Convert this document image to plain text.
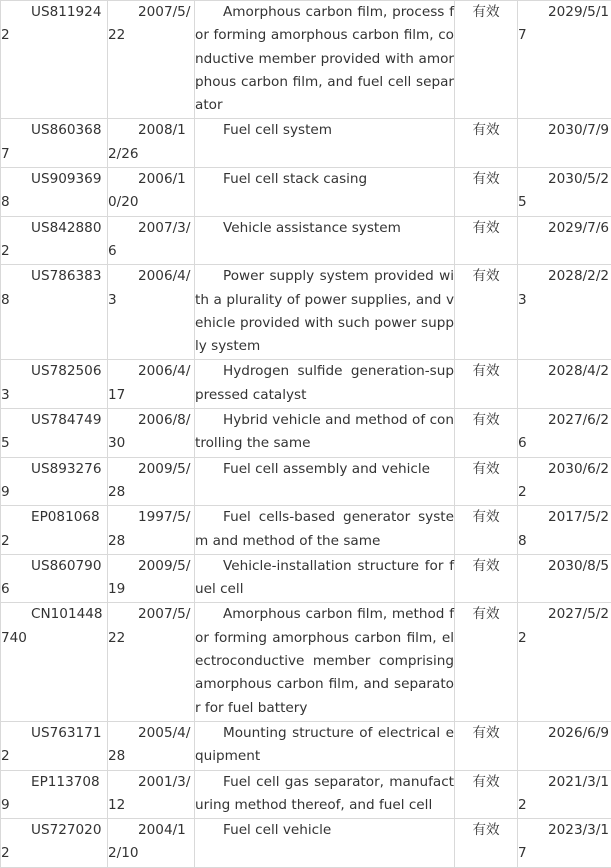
US8119242	2007/5/22	Amorphous carbon film, process for forming amorphous carbon film, conductive member provided with amorphous carbon film, and fuel cell separator	有效	2029/5/17
US8603687	2008/12/26	Fuel cell system	有效	2030/7/9
US9093698	2006/10/20	Fuel cell stack casing	有效	2030/5/25
US8428802	2007/3/6	Vehicle assistance system	有效	2029/7/6
US7863838	2006/4/3	Power supply system provided with a plurality of power supplies, and vehicle provided with such power supply system	有效	2028/2/23
US7825063	2006/4/17	Hydrogen sulfide generation-suppressed catalyst	有效	2028/4/2
US7847495	2006/8/30	Hybrid vehicle and method of controlling the same	有效	2027/6/26
US8932769	2009/5/28	Fuel cell assembly and vehicle	有效	2030/6/22
EP0810682	1997/5/28	Fuel cells-based generator system and method of the same	有效	2017/5/28
US8607906	2009/5/19	Vehicle-installation structure for fuel cell	有效	2030/8/5
CN101448740	2007/5/22	Amorphous carbon film, method for forming amorphous carbon film, electroconductive member comprising amorphous carbon film, and separator for fuel battery	有效	2027/5/22
US7631712	2005/4/28	Mounting structure of electrical equipment	有效	2026/6/9
EP1137089	2001/3/12	Fuel cell gas separator, manufacturing method thereof, and fuel cell	有效	2021/3/12
US7270202	2004/12/10	Fuel cell vehicle	有效	2023/3/17
